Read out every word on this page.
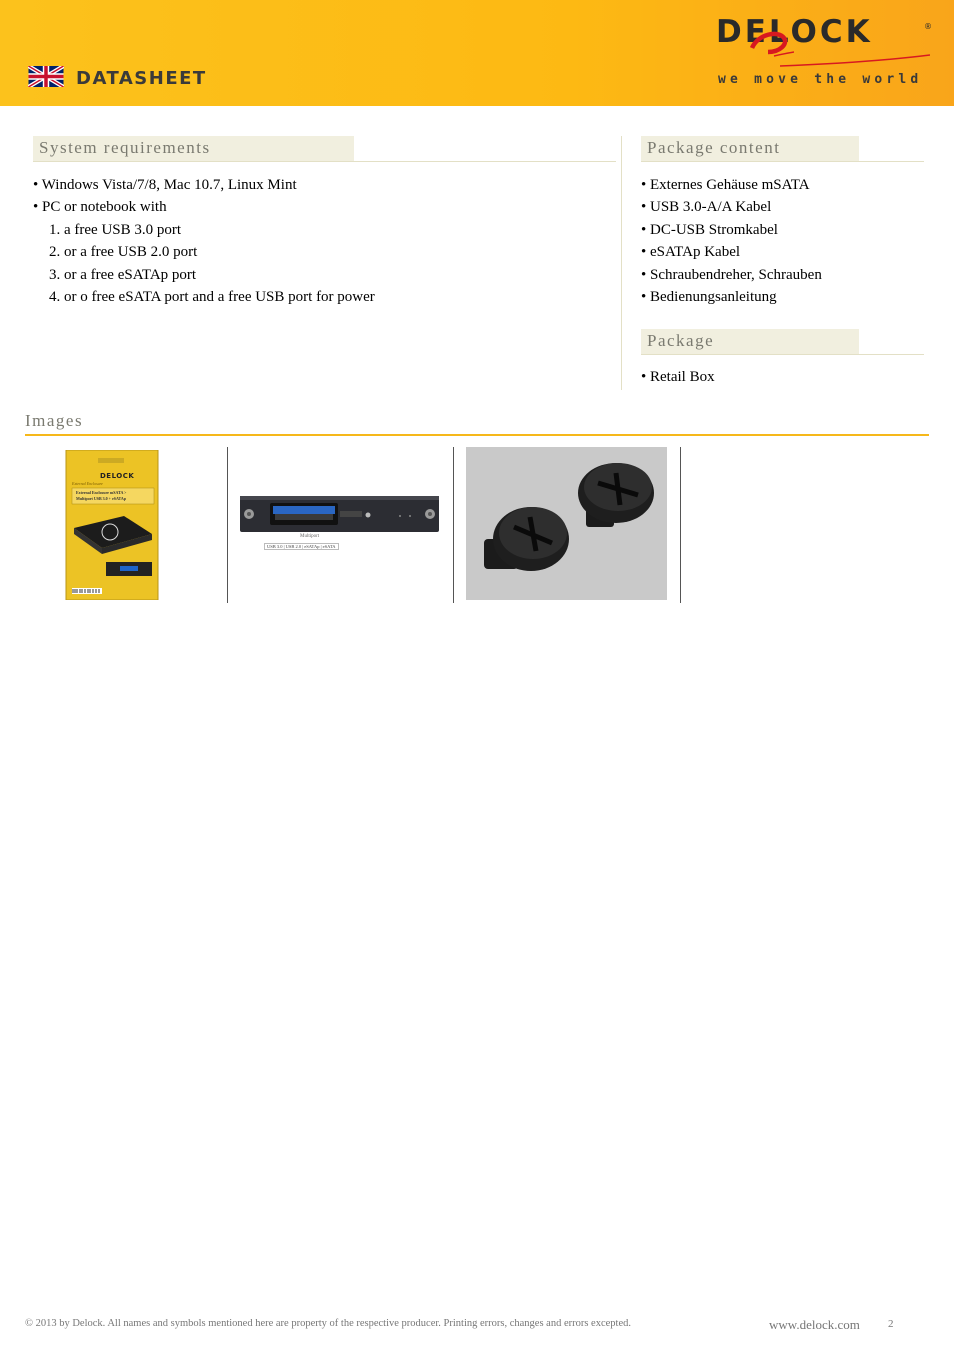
DATASHEET
DELOCK	®
we move the world
System requirements
• Windows Vista/7/8, Mac 10.7, Linux Mint
• PC or notebook with
1. a free USB 3.0 port
2. or a free USB 2.0 port
3. or a free eSATAp port
4. or o free eSATA port and a free USB port for power
Package content
• Externes Gehäuse mSATA
• USB 3.0-A/A Kabel
• DC-USB Stromkabel
• eSATAp Kabel
• Schraubendreher, Schrauben
• Bedienungsanleitung
Package
• Retail Box
Images
DELOCK
External Enclosure
External Enclosure mSATA >
Multiport USB 3.0 + eSATAp
Multiport
USB 3.0 | USB 2.0 | eSATAp | eSATA
© 2013 by Delock. All names and symbols mentioned here are property of the respective producer. Printing errors, changes and errors excepted.	www.delock.com	2
